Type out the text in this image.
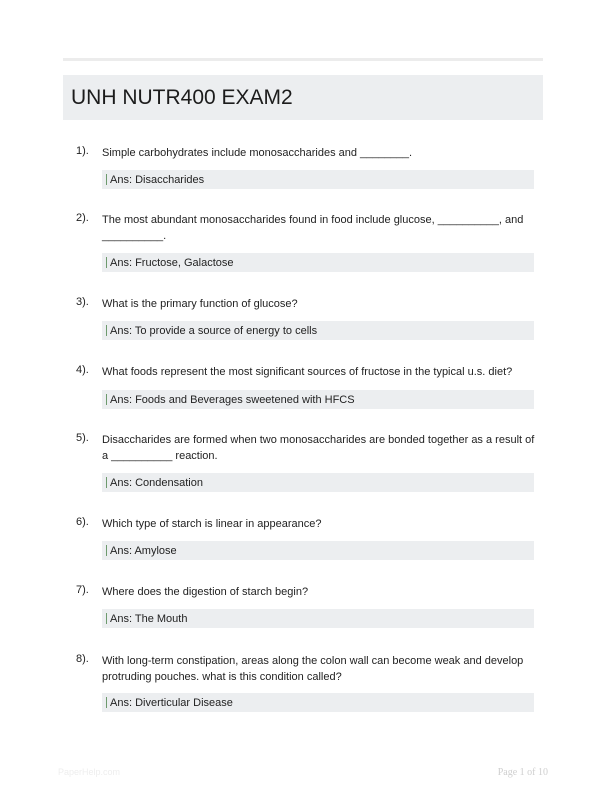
UNH NUTR400 EXAM2
1). Simple carbohydrates include monosaccharides and ________.
Ans: Disaccharides
2). The most abundant monosaccharides found in food include glucose, __________, and __________.
Ans: Fructose, Galactose
3). What is the primary function of glucose?
Ans: To provide a source of energy to cells
4). What foods represent the most significant sources of fructose in the typical u.s. diet?
Ans: Foods and Beverages sweetened with HFCS
5). Disaccharides are formed when two monosaccharides are bonded together as a result of a __________ reaction.
Ans: Condensation
6). Which type of starch is linear in appearance?
Ans: Amylose
7). Where does the digestion of starch begin?
Ans: The Mouth
8). With long-term constipation, areas along the colon wall can become weak and develop protruding pouches. what is this condition called?
Ans: Diverticular Disease
PaperHelp.com	Page 1 of 10
